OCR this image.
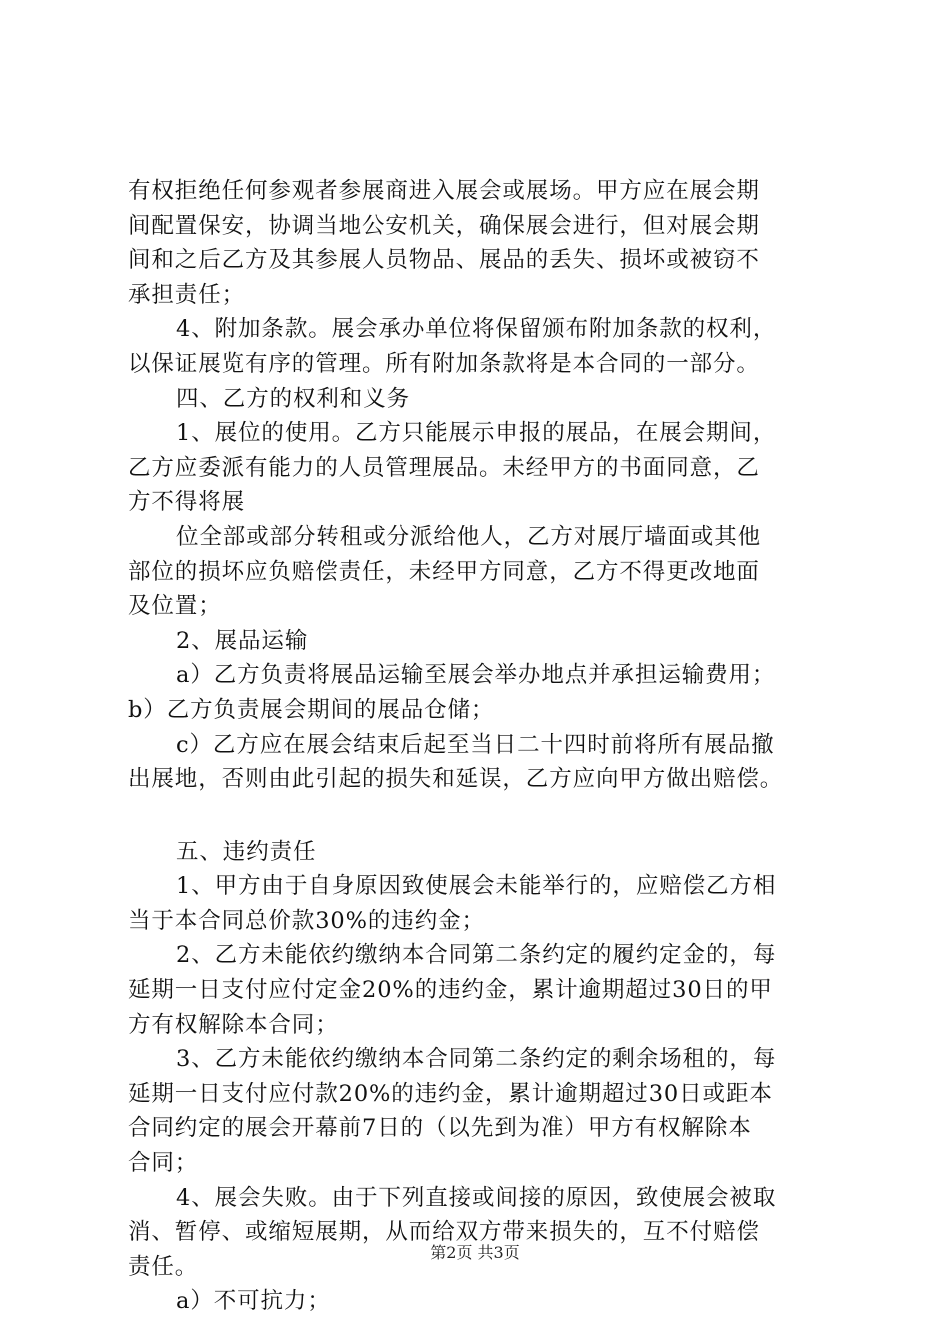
有权拒绝任何参观者参展商进入展会或展场。甲方应在展会期
间配置保安，协调当地公安机关，确保展会进行，但对展会期
间和之后乙方及其参展人员物品、展品的丢失、损坏或被窃不
承担责任；
4、附加条款。展会承办单位将保留颁布附加条款的权利，
以保证展览有序的管理。所有附加条款将是本合同的一部分。
四、乙方的权利和义务
1、展位的使用。乙方只能展示申报的展品，在展会期间，
乙方应委派有能力的人员管理展品。未经甲方的书面同意，乙
方不得将展
位全部或部分转租或分派给他人，乙方对展厅墙面或其他
部位的损坏应负赔偿责任，未经甲方同意，乙方不得更改地面
及位置；
2、展品运输
a）乙方负责将展品运输至展会举办地点并承担运输费用；
b）乙方负责展会期间的展品仓储；
c）乙方应在展会结束后起至当日二十四时前将所有展品撤
出展地，否则由此引起的损失和延误，乙方应向甲方做出赔偿。
五、违约责任
1、甲方由于自身原因致使展会未能举行的，应赔偿乙方相
当于本合同总价款30%的违约金；
2、乙方未能依约缴纳本合同第二条约定的履约定金的，每
延期一日支付应付定金20%的违约金，累计逾期超过30日的甲
方有权解除本合同；
3、乙方未能依约缴纳本合同第二条约定的剩余场租的，每
延期一日支付应付款20%的违约金，累计逾期超过30日或距本
合同约定的展会开幕前7日的（以先到为准）甲方有权解除本
合同；
4、展会失败。由于下列直接或间接的原因，致使展会被取
消、暂停、或缩短展期，从而给双方带来损失的，互不付赔偿
责任。
a）不可抗力；
第2页 共3页
